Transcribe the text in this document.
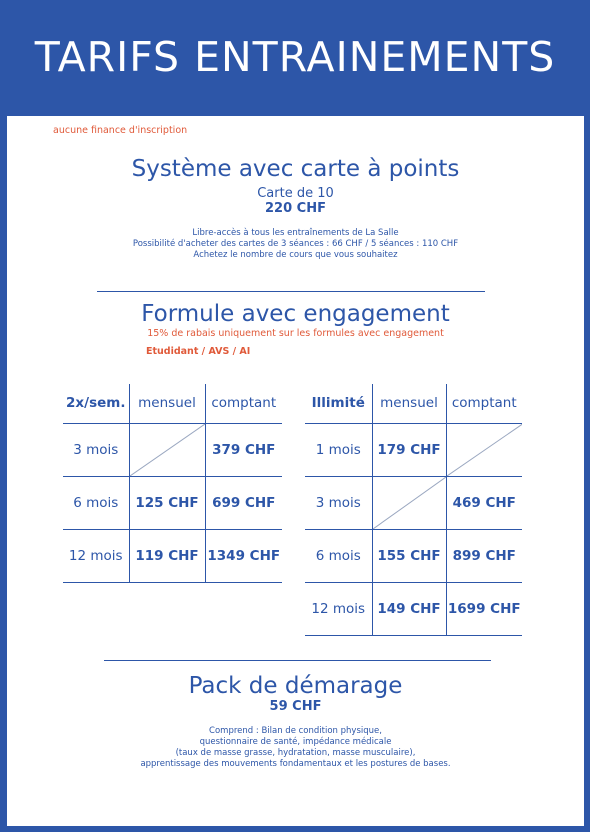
TARIFS ENTRAINEMENTS
aucune finance d'inscription
Système avec carte à points
Carte de 10
220 CHF
Libre-accès à tous les entraînements de La Salle
Possibilité d'acheter des cartes de 3 séances : 66 CHF / 5 séances : 110 CHF
Achetez le nombre de cours que vous souhaitez
Formule avec engagement
15% de rabais uniquement sur les formules avec engagement
Etudidant / AVS / AI
2x/sem.	mensuel	comptant
3 mois		379 CHF
6 mois	125 CHF	699 CHF
12 mois	119 CHF	1349 CHF
Illimité	mensuel	comptant
1 mois	179 CHF	

3 mois		469 CHF
6 mois	155 CHF	899 CHF
12 mois	149 CHF	1699 CHF
Pack de démarage
59 CHF
Comprend : Bilan de condition physique,
questionnaire de santé, impédance médicale
(taux de masse grasse, hydratation, masse musculaire),
apprentissage des mouvements fondamentaux et les postures de bases.
